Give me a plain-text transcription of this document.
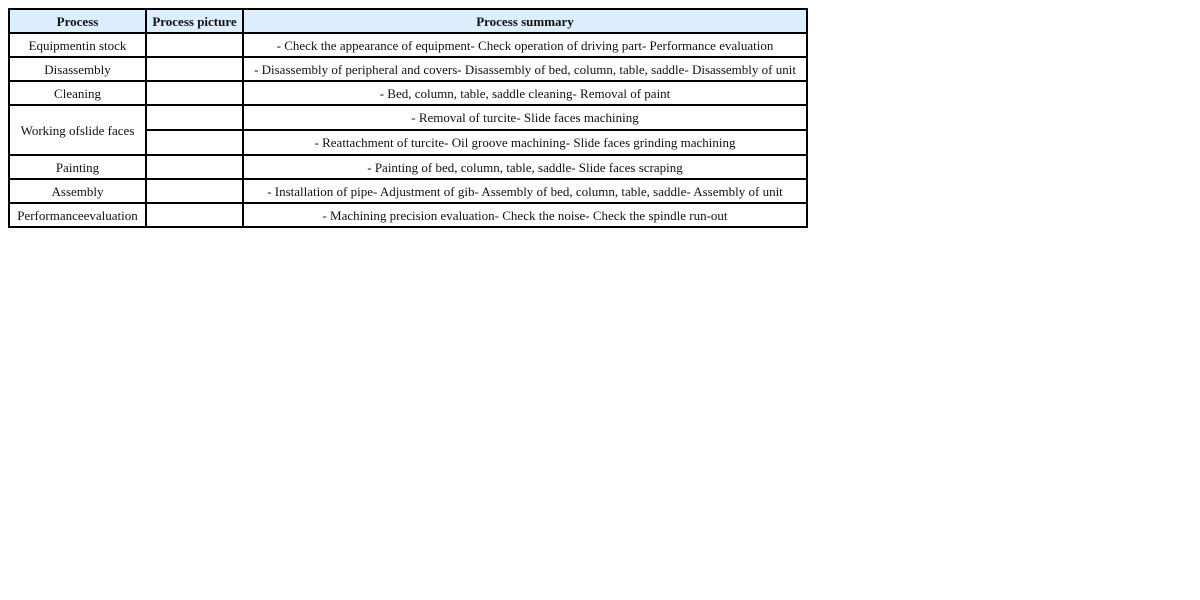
Process	Process picture	Process summary
Equipmentin stock		- Check the appearance of equipment- Check operation of driving part- Performance evaluation
Disassembly		- Disassembly of peripheral and covers- Disassembly of bed, column, table, saddle- Disassembly of unit
Cleaning		- Bed, column, table, saddle cleaning- Removal of paint
Working ofslide faces		- Removal of turcite- Slide faces machining
		- Reattachment of turcite- Oil groove machining- Slide faces grinding machining
Painting		- Painting of bed, column, table, saddle- Slide faces scraping
Assembly		- Installation of pipe- Adjustment of gib- Assembly of bed, column, table, saddle- Assembly of unit
Performanceevaluation		- Machining precision evaluation- Check the noise- Check the spindle run-out
